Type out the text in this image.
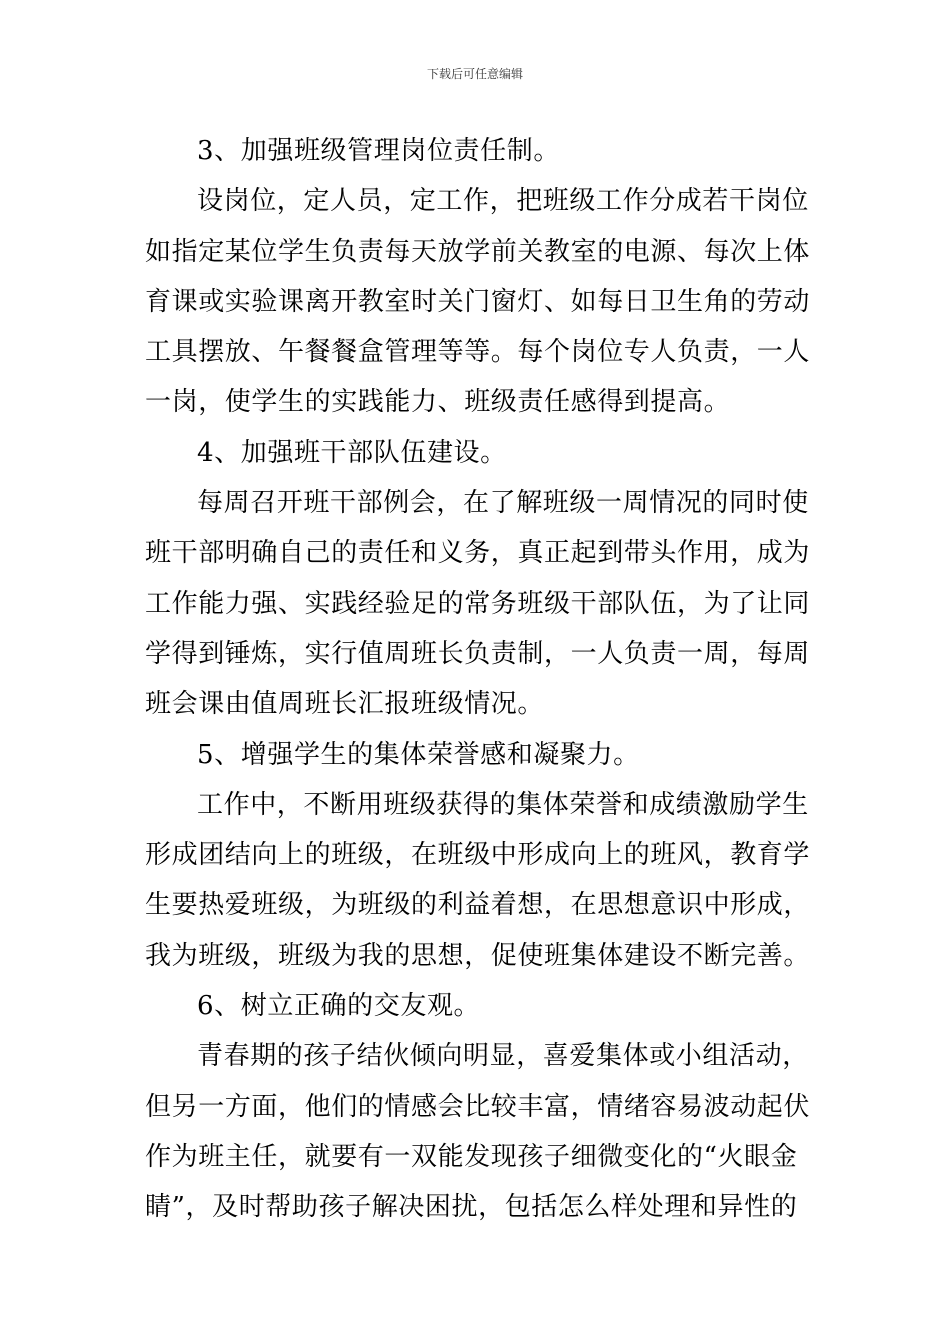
下载后可任意编辑
3、加强班级管理岗位责任制。
设岗位，定人员，定工作，把班级工作分成若干岗位
如指定某位学生负责每天放学前关教室的电源、每次上体
育课或实验课离开教室时关门窗灯、如每日卫生角的劳动
工具摆放、午餐餐盒管理等等。每个岗位专人负责，一人
一岗，使学生的实践能力、班级责任感得到提高。
4、加强班干部队伍建设。
每周召开班干部例会，在了解班级一周情况的同时使
班干部明确自己的责任和义务，真正起到带头作用，成为
工作能力强、实践经验足的常务班级干部队伍，为了让同
学得到锤炼，实行值周班长负责制，一人负责一周，每周
班会课由值周班长汇报班级情况。
5、增强学生的集体荣誉感和凝聚力。
工作中，不断用班级获得的集体荣誉和成绩激励学生
形成团结向上的班级，在班级中形成向上的班风，教育学
生要热爱班级，为班级的利益着想，在思想意识中形成，
我为班级，班级为我的思想，促使班集体建设不断完善。
6、树立正确的交友观。
青春期的孩子结伙倾向明显，喜爱集体或小组活动，
但另一方面，他们的情感会比较丰富，情绪容易波动起伏
作为班主任，就要有一双能发现孩子细微变化的“火眼金
睛”，及时帮助孩子解决困扰，包括怎么样处理和异性的
